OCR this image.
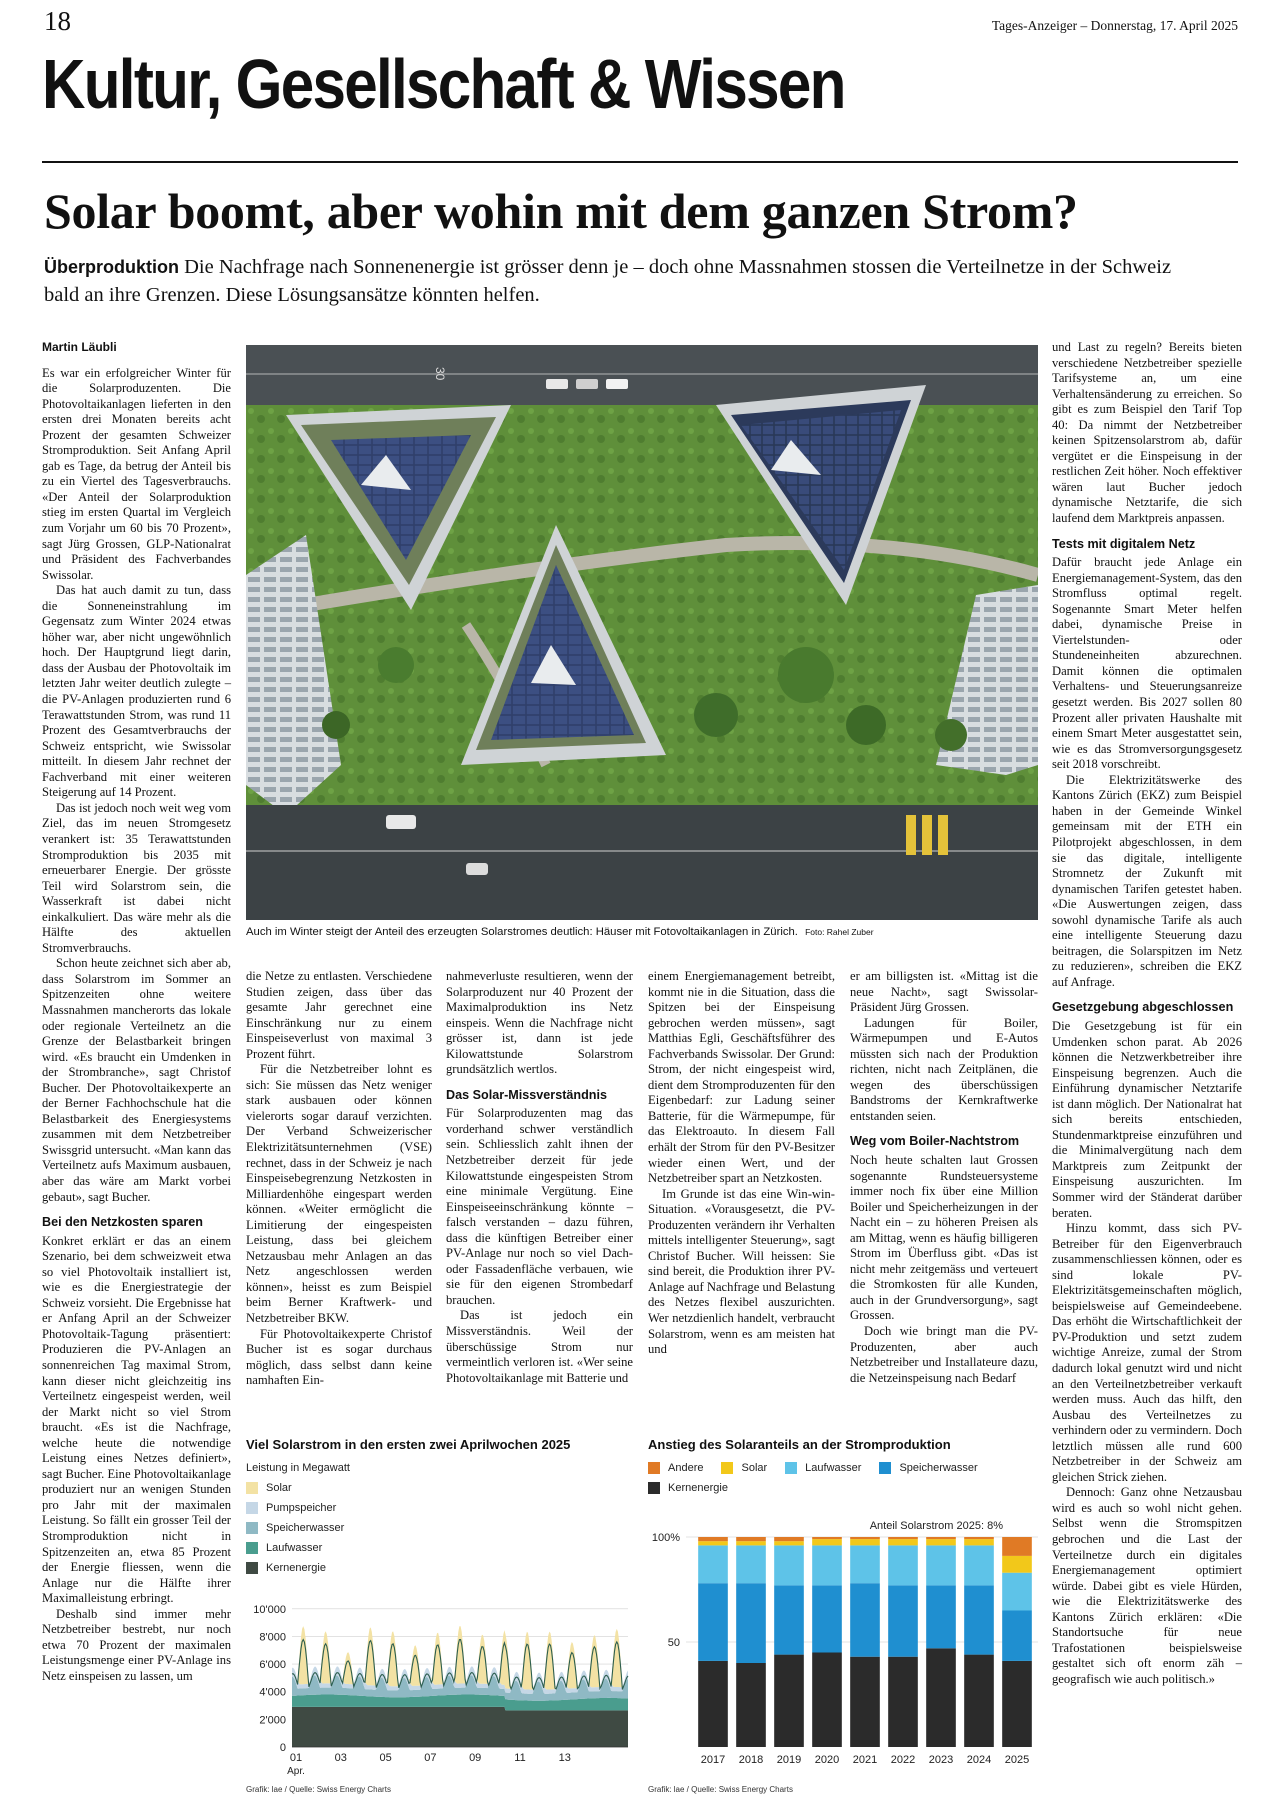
18	Tages-Anzeiger – Donnerstag, 17. April 2025
Kultur, Gesellschaft & Wissen
Solar boomt, aber wohin mit dem ganzen Strom?
Überproduktion Die Nachfrage nach Sonnenenergie ist grösser denn je – doch ohne Massnahmen stossen die Verteilnetze in der Schweiz bald an ihre Grenzen. Diese Lösungsansätze könnten helfen.
Martin Läubli

Es war ein erfolgreicher Winter für die Solarproduzenten. Die Photovoltaikanlagen lieferten in den ersten drei Monaten bereits acht Prozent der gesamten Schweizer Stromproduktion. Seit Anfang April gab es Tage, da betrug der Anteil bis zu ein Viertel des Tagesverbrauchs. «Der Anteil der Solarproduktion stieg im ersten Quartal im Vergleich zum Vorjahr um 60 bis 70 Prozent», sagt Jürg Grossen, GLP-Nationalrat und Präsident des Fachverbandes Swissolar.

Das hat auch damit zu tun, dass die Sonneneinstrahlung im Gegensatz zum Winter 2024 etwas höher war, aber nicht ungewöhnlich hoch. Der Hauptgrund liegt darin, dass der Ausbau der Photovoltaik im letzten Jahr weiter deutlich zulegte – die PV-Anlagen produzierten rund 6 Terawattstunden Strom, was rund 11 Prozent des Gesamtverbrauchs der Schweiz entspricht, wie Swissolar mitteilt. In diesem Jahr rechnet der Fachverband mit einer weiteren Steigerung auf 14 Prozent.

Das ist jedoch noch weit weg vom Ziel, das im neuen Stromgesetz verankert ist: 35 Terawattstunden Stromproduktion bis 2035 mit erneuerbarer Energie. Der grösste Teil wird Solarstrom sein, die Wasserkraft ist dabei nicht einkalkuliert. Das wäre mehr als die Hälfte des aktuellen Stromverbrauchs.

Schon heute zeichnet sich aber ab, dass Solarstrom im Sommer an Spitzenzeiten ohne weitere Massnahmen mancherorts das lokale oder regionale Verteilnetz an die Grenze der Belastbarkeit bringen wird. «Es braucht ein Umdenken in der Strombranche», sagt Christof Bucher. Der Photovoltaikexperte an der Berner Fachhochschule hat die Belastbarkeit des Energiesystems zusammen mit dem Netzbetreiber Swissgrid untersucht. «Man kann das Verteilnetz aufs Maximum ausbauen, aber das wäre am Markt vorbei gebaut», sagt Bucher.

Bei den Netzkosten sparen

Konkret erklärt er das an einem Szenario, bei dem schweizweit etwa so viel Photovoltaik installiert ist, wie es die Energiestrategie der Schweiz vorsieht. Die Ergebnisse hat er Anfang April an der Schweizer Photovoltaik-Tagung präsentiert: Produzieren die PV-Anlagen an sonnenreichen Tag maximal Strom, kann dieser nicht gleichzeitig ins Verteilnetz eingespeist werden, weil der Markt nicht so viel Strom braucht. «Es ist die Nachfrage, welche heute die notwendige Leistung eines Netzes definiert», sagt Bucher. Eine Photovoltaikanlage produziert nur an wenigen Stunden pro Jahr mit der maximalen Leistung. So fällt ein grosser Teil der Stromproduktion nicht in Spitzenzeiten an, etwa 85 Prozent der Energie fliessen, wenn die Anlage nur die Hälfte ihrer Maximalleistung erbringt.

Deshalb sind immer mehr Netzbetreiber bestrebt, nur noch etwa 70 Prozent der maximalen Leistungsmenge einer PV-Anlage ins Netz einspeisen zu lassen, um

30
Auch im Winter steigt der Anteil des erzeugten Solarstromes deutlich: Häuser mit Fotovoltaikanlagen in Zürich. Foto: Rahel Zuber

die Netze zu entlasten. Verschiedene Studien zeigen, dass über das gesamte Jahr gerechnet eine Einschränkung nur zu einem Einspeiseverlust von maximal 3 Prozent führt.

Für die Netzbetreiber lohnt es sich: Sie müssen das Netz weniger stark ausbauen oder können vielerorts sogar darauf verzichten. Der Verband Schweizerischer Elektrizitätsunternehmen (VSE) rechnet, dass in der Schweiz je nach Einspeisebegrenzung Netzkosten in Milliardenhöhe eingespart werden können. «Weiter ermöglicht die Limitierung der eingespeisten Leistung, dass bei gleichem Netzausbau mehr Anlagen an das Netz angeschlossen werden können», heisst es zum Beispiel beim Berner Kraftwerk- und Netzbetreiber BKW.

Für Photovoltaikexperte Christof Bucher ist es sogar durchaus möglich, dass selbst dann keine namhaften Ein-

nahmeverluste resultieren, wenn der Solarproduzent nur 40 Prozent der Maximalproduktion ins Netz einspeis. Wenn die Nachfrage nicht grösser ist, dann ist jede Kilowattstunde Solarstrom grundsätzlich wertlos.

Das Solar-Missverständnis

Für Solarproduzenten mag das vorderhand schwer verständlich sein. Schliesslich zahlt ihnen der Netzbetreiber derzeit für jede Kilowattstunde eingespeisten Strom eine minimale Vergütung. Eine Einspeiseeinschränkung könnte – falsch verstanden – dazu führen, dass die künftigen Betreiber einer PV-Anlage nur noch so viel Dach- oder Fassadenfläche verbauen, wie sie für den eigenen Strombedarf brauchen.

Das ist jedoch ein Missverständnis. Weil der überschüssige Strom nur vermeintlich verloren ist. «Wer seine Photovoltaikanlage mit Batterie und

einem Energiemanagement betreibt, kommt nie in die Situation, dass die Spitzen bei der Einspeisung gebrochen werden müssen», sagt Matthias Egli, Geschäftsführer des Fachverbands Swissolar. Der Grund: Strom, der nicht eingespeist wird, dient dem Stromproduzenten für den Eigenbedarf: zur Ladung seiner Batterie, für die Wärmepumpe, für das Elektroauto. In diesem Fall erhält der Strom für den PV-Besitzer wieder einen Wert, und der Netzbetreiber spart an Netzkosten.

Im Grunde ist das eine Win-win-Situation. «Vorausgesetzt, die PV-Produzenten verändern ihr Verhalten mittels intelligenter Steuerung», sagt Christof Bucher. Will heissen: Sie sind bereit, die Produktion ihrer PV-Anlage auf Nachfrage und Belastung des Netzes flexibel auszurichten. Wer netzdienlich handelt, verbraucht Solarstrom, wenn es am meisten hat und

er am billigsten ist. «Mittag ist die neue Nacht», sagt Swissolar-Präsident Jürg Grossen.

Ladungen für Boiler, Wärmepumpen und E-Autos müssten sich nach der Produktion richten, nicht nach Zeitplänen, die wegen des überschüssigen Bandstroms der Kernkraftwerke entstanden seien.

Weg vom Boiler-Nachtstrom

Noch heute schalten laut Grossen sogenannte Rundsteuersysteme immer noch fix über eine Million Boiler und Speicherheizungen in der Nacht ein – zu höheren Preisen als am Mittag, wenn es häufig billigeren Strom im Überfluss gibt. «Das ist nicht mehr zeitgemäss und verteuert die Stromkosten für alle Kunden, auch in der Grundversorgung», sagt Grossen.

Doch wie bringt man die PV-Produzenten, aber auch Netzbetreiber und Installateure dazu, die Netzeinspeisung nach Bedarf

und Last zu regeln? Bereits bieten verschiedene Netzbetreiber spezielle Tarifsysteme an, um eine Verhaltensänderung zu erreichen. So gibt es zum Beispiel den Tarif Top 40: Da nimmt der Netzbetreiber keinen Spitzensolarstrom ab, dafür vergütet er die Einspeisung in der restlichen Zeit höher. Noch effektiver wären laut Bucher jedoch dynamische Netztarife, die sich laufend dem Marktpreis anpassen.

Tests mit digitalem Netz

Dafür braucht jede Anlage ein Energiemanagement-System, das den Stromfluss optimal regelt. Sogenannte Smart Meter helfen dabei, dynamische Preise in Viertelstunden- oder Stundeneinheiten abzurechnen. Damit können die optimalen Verhaltens- und Steuerungsanreize gesetzt werden. Bis 2027 sollen 80 Prozent aller privaten Haushalte mit einem Smart Meter ausgestattet sein, wie es das Stromversorgungsgesetz seit 2018 vorschreibt.

Die Elektrizitätswerke des Kantons Zürich (EKZ) zum Beispiel haben in der Gemeinde Winkel gemeinsam mit der ETH ein Pilotprojekt abgeschlossen, in dem sie das digitale, intelligente Stromnetz der Zukunft mit dynamischen Tarifen getestet haben. «Die Auswertungen zeigen, dass sowohl dynamische Tarife als auch eine intelligente Steuerung dazu beitragen, die Solarspitzen im Netz zu reduzieren», schreiben die EKZ auf Anfrage.

Gesetzgebung abgeschlossen

Die Gesetzgebung ist für ein Umdenken schon parat. Ab 2026 können die Netzwerkbetreiber ihre Einspeisung begrenzen. Auch die Einführung dynamischer Netztarife ist dann möglich. Der Nationalrat hat sich bereits entschieden, Stundenmarktpreise einzuführen und die Minimalvergütung nach dem Marktpreis zum Zeitpunkt der Einspeisung auszurichten. Im Sommer wird der Ständerat darüber beraten.

Hinzu kommt, dass sich PV-Betreiber für den Eigenverbrauch zusammenschliessen können, oder es sind lokale PV-Elektrizitätsgemeinschaften möglich, beispielsweise auf Gemeindeebene. Das erhöht die Wirtschaftlichkeit der PV-Produktion und setzt zudem wichtige Anreize, zumal der Strom dadurch lokal genutzt wird und nicht an den Verteilnetzbetreiber verkauft werden muss. Auch das hilft, den Ausbau des Verteilnetzes zu verhindern oder zu vermindern. Doch letztlich müssen alle rund 600 Netzbetreiber in der Schweiz am gleichen Strick ziehen.

Dennoch: Ganz ohne Netzausbau wird es auch so wohl nicht gehen. Selbst wenn die Stromspitzen gebrochen und die Last der Verteilnetze durch ein digitales Energiemanagement optimiert würde. Dabei gibt es viele Hürden, wie die Elektrizitätswerke des Kantons Zürich erklären: «Die Standortsuche für neue Trafostationen beispielsweise gestaltet sich oft enorm zäh – geografisch wie auch politisch.»

Viel Solarstrom in den ersten zwei Aprilwochen 2025
Leistung in Megawatt
Solar
Pumpspeicher
Speicherwasser
Laufwasser
Kernenergie
10'000
8'000
6'000
4'000
2'000
0
01	03	05	07	09	11	13
Apr.
Grafik: lae / Quelle: Swiss Energy Charts
Anstieg des Solaranteils an der Stromproduktion
Andere	Solar	Laufwasser	Speicherwasser
Kernenergie
Anteil Solarstrom 2025: 8%
100%
50
2017 2018 2019 2020 2021 2022 2023 2024 2025
Grafik: lae / Quelle: Swiss Energy Charts
